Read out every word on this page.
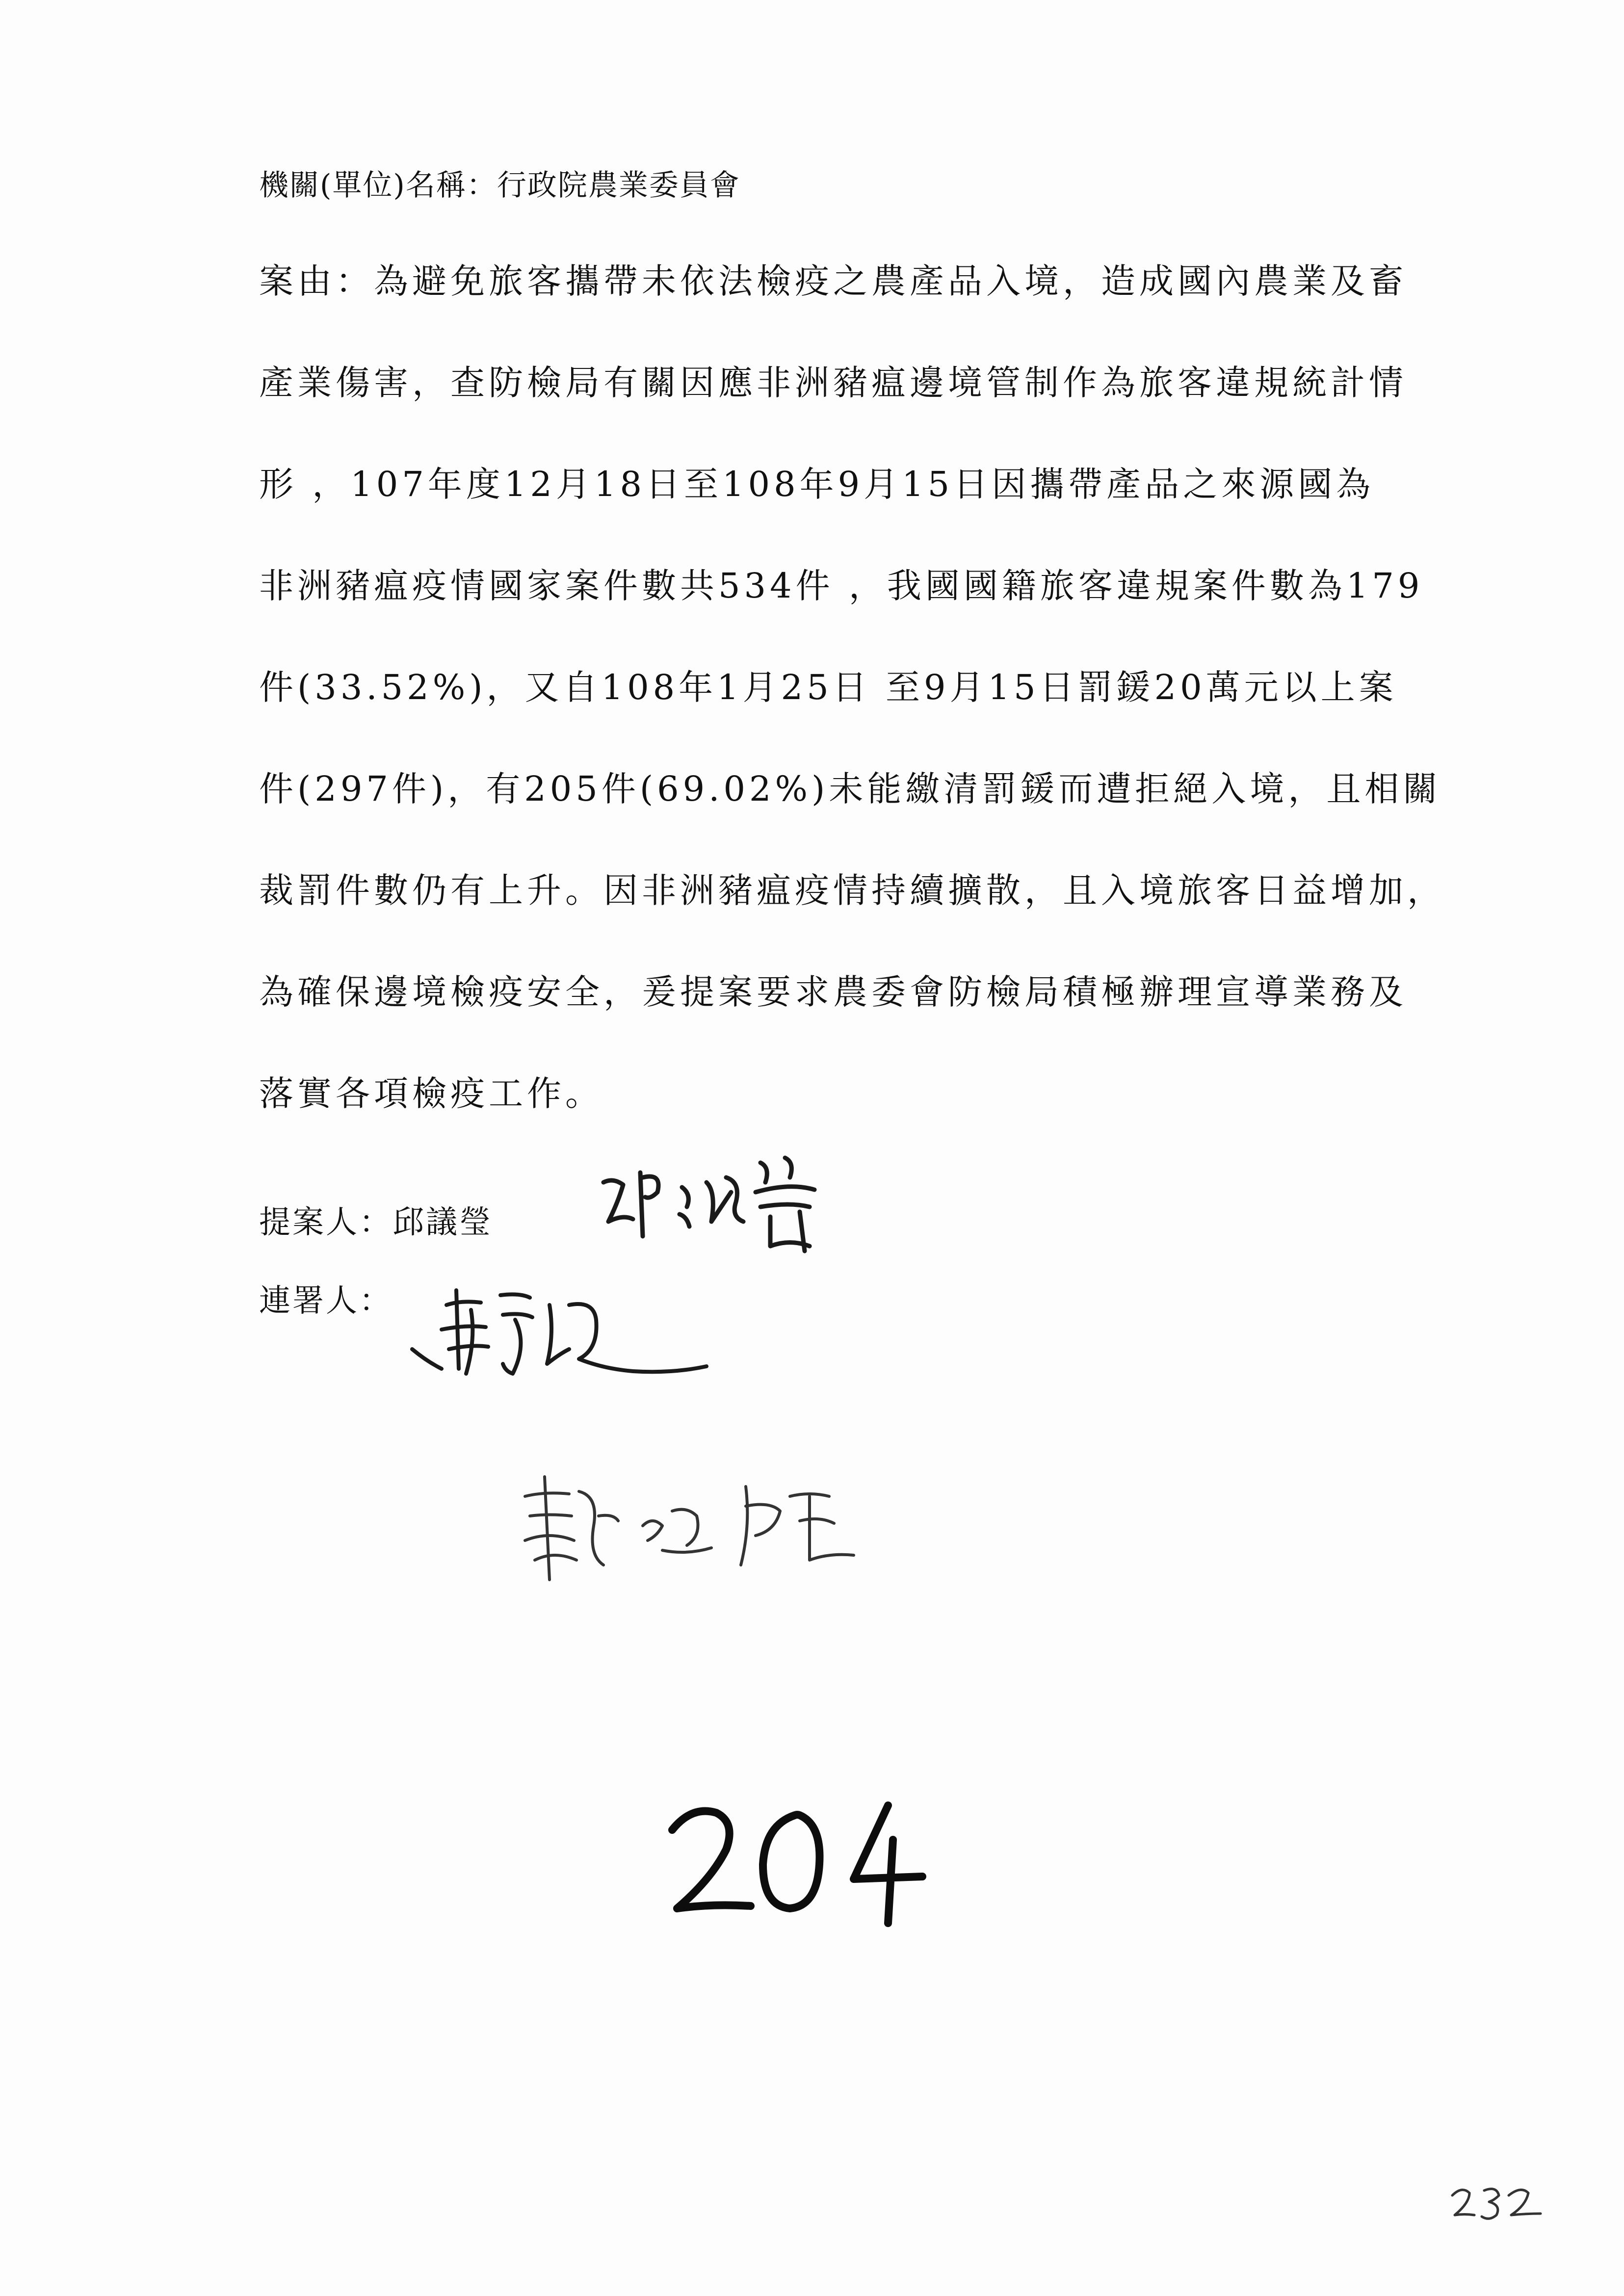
機關(單位)名稱：行政院農業委員會
案由：為避免旅客攜帶未依法檢疫之農產品入境，造成國內農業及畜
產業傷害，查防檢局有關因應非洲豬瘟邊境管制作為旅客違規統計情
形 ，107年度12月18日至108年9月15日因攜帶產品之來源國為
非洲豬瘟疫情國家案件數共534件 ，我國國籍旅客違規案件數為179
件(33.52%)，又自108年1月25日 至9月15日罰鍰20萬元以上案
件(297件)，有205件(69.02%)未能繳清罰鍰而遭拒絕入境，且相關
裁罰件數仍有上升。因非洲豬瘟疫情持續擴散，且入境旅客日益增加，
為確保邊境檢疫安全，爰提案要求農委會防檢局積極辦理宣導業務及
落實各項檢疫工作。
提案人：邱議瑩
連署人：
